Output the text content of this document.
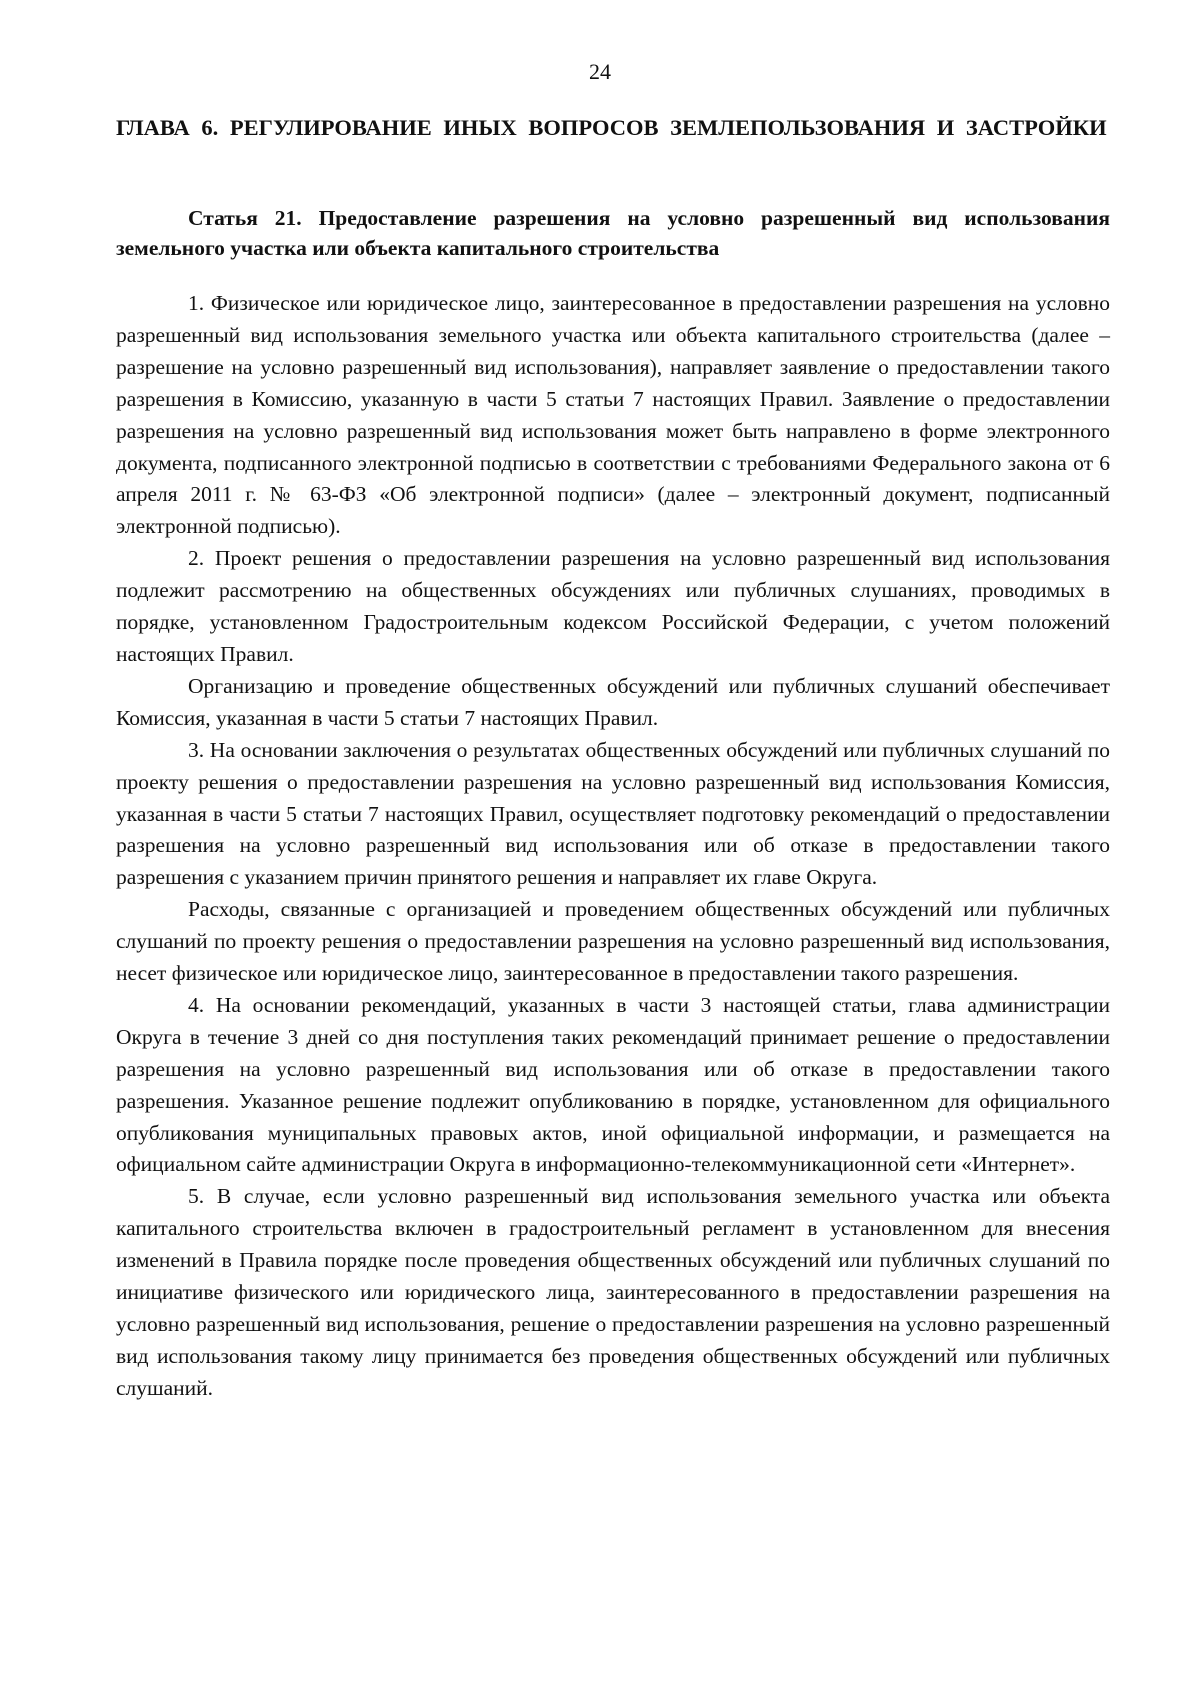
24
ГЛАВА 6. РЕГУЛИРОВАНИЕ ИНЫХ ВОПРОСОВ ЗЕМЛЕПОЛЬЗОВАНИЯ И ЗАСТРОЙКИ
Статья 21. Предоставление разрешения на условно разрешенный вид использования земельного участка или объекта капитального строительства

1. Физическое или юридическое лицо, заинтересованное в предоставлении разрешения на условно разрешенный вид использования земельного участка или объекта капитального строительства (далее – разрешение на условно разрешенный вид использования), направляет заявление о предоставлении такого разрешения в Комиссию, указанную в части 5 статьи 7 настоящих Правил. Заявление о предоставлении разрешения на условно разрешенный вид использования может быть направлено в форме электронного документа, подписанного электронной подписью в соответствии с требованиями Федерального закона от 6 апреля 2011 г. № 63-ФЗ «Об электронной подписи» (далее – электронный документ, подписанный электронной подписью).

2. Проект решения о предоставлении разрешения на условно разрешенный вид использования подлежит рассмотрению на общественных обсуждениях или публичных слушаниях, проводимых в порядке, установленном Градостроительным кодексом Российской Федерации, с учетом положений настоящих Правил.

Организацию и проведение общественных обсуждений или публичных слушаний обеспечивает Комиссия, указанная в части 5 статьи 7 настоящих Правил.

3. На основании заключения о результатах общественных обсуждений или публичных слушаний по проекту решения о предоставлении разрешения на условно разрешенный вид использования Комиссия, указанная в части 5 статьи 7 настоящих Правил, осуществляет подготовку рекомендаций о предоставлении разрешения на условно разрешенный вид использования или об отказе в предоставлении такого разрешения с указанием причин принятого решения и направляет их главе Округа.

Расходы, связанные с организацией и проведением общественных обсуждений или публичных слушаний по проекту решения о предоставлении разрешения на условно разрешенный вид использования, несет физическое или юридическое лицо, заинтересованное в предоставлении такого разрешения.

4. На основании рекомендаций, указанных в части 3 настоящей статьи, глава администрации Округа в течение 3 дней со дня поступления таких рекомендаций принимает решение о предоставлении разрешения на условно разрешенный вид использования или об отказе в предоставлении такого разрешения. Указанное решение подлежит опубликованию в порядке, установленном для официального опубликования муниципальных правовых актов, иной официальной информации, и размещается на официальном сайте администрации Округа в информационно-телекоммуникационной сети «Интернет».

5. В случае, если условно разрешенный вид использования земельного участка или объекта капитального строительства включен в градостроительный регламент в установленном для внесения изменений в Правила порядке после проведения общественных обсуждений или публичных слушаний по инициативе физического или юридического лица, заинтересованного в предоставлении разрешения на условно разрешенный вид использования, решение о предоставлении разрешения на условно разрешенный вид использования такому лицу принимается без проведения общественных обсуждений или публичных слушаний.
